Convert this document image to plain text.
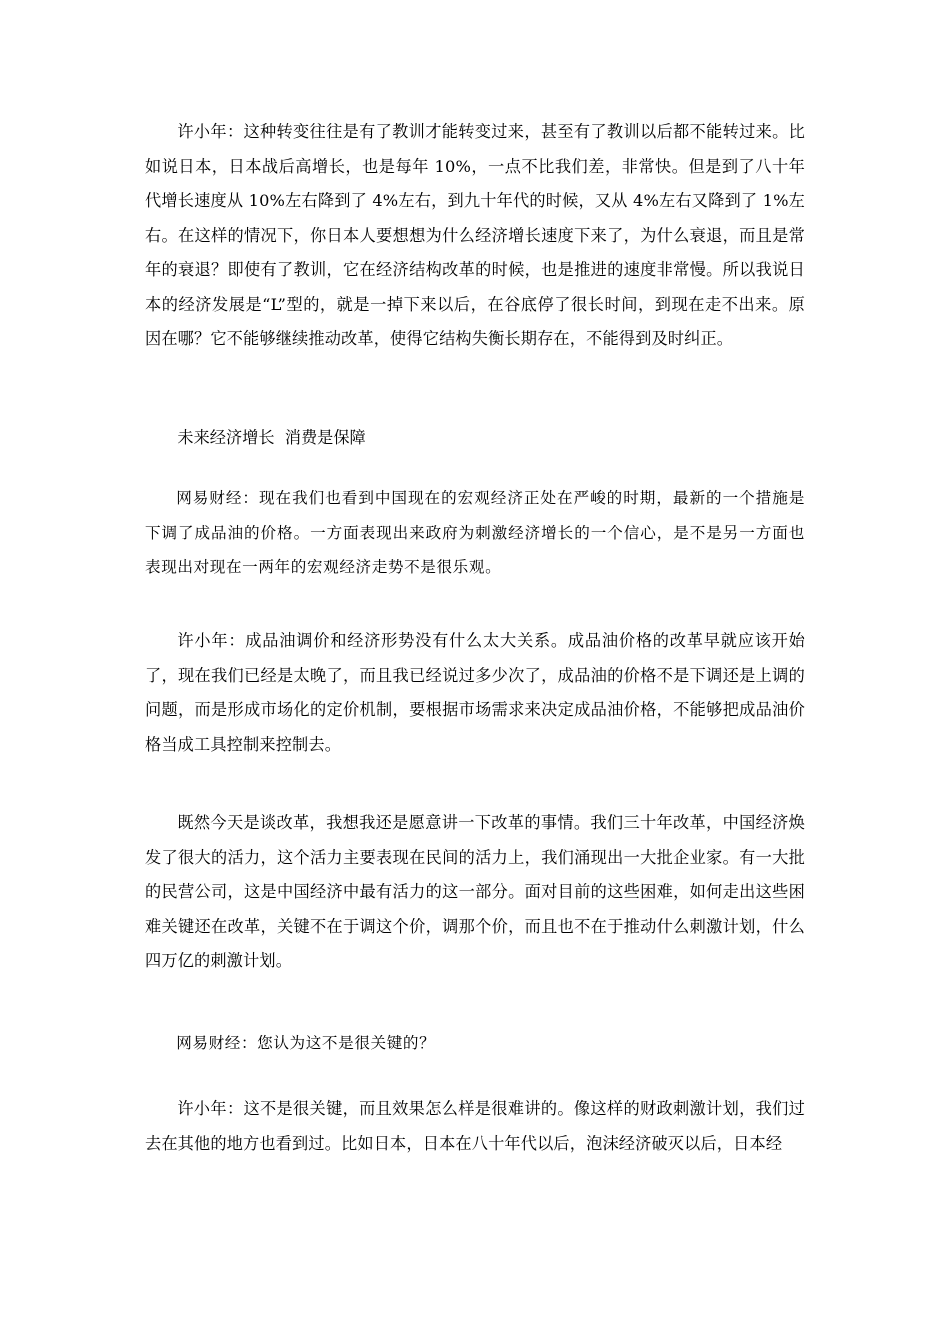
许小年：这种转变往往是有了教训才能转变过来，甚至有了教训以后都不能转过来。比如说日本，日本战后高增长，也是每年 10%，一点不比我们差，非常快。但是到了八十年代增长速度从 10%左右降到了 4%左右，到九十年代的时候，又从 4%左右又降到了 1%左右。在这样的情况下，你日本人要想想为什么经济增长速度下来了，为什么衰退，而且是常年的衰退？即使有了教训，它在经济结构改革的时候，也是推进的速度非常慢。所以我说日本的经济发展是“L”型的，就是一掉下来以后，在谷底停了很长时间，到现在走不出来。原因在哪？它不能够继续推动改革，使得它结构失衡长期存在，不能得到及时纠正。

未来经济增长  消费是保障

网易财经：现在我们也看到中国现在的宏观经济正处在严峻的时期，最新的一个措施是下调了成品油的价格。一方面表现出来政府为刺激经济增长的一个信心，是不是另一方面也表现出对现在一两年的宏观经济走势不是很乐观。

许小年：成品油调价和经济形势没有什么太大关系。成品油价格的改革早就应该开始了，现在我们已经是太晚了，而且我已经说过多少次了，成品油的价格不是下调还是上调的问题，而是形成市场化的定价机制，要根据市场需求来决定成品油价格，不能够把成品油价格当成工具控制来控制去。

既然今天是谈改革，我想我还是愿意讲一下改革的事情。我们三十年改革，中国经济焕发了很大的活力，这个活力主要表现在民间的活力上，我们涌现出一大批企业家。有一大批的民营公司，这是中国经济中最有活力的这一部分。面对目前的这些困难，如何走出这些困难关键还在改革，关键不在于调这个价，调那个价，而且也不在于推动什么刺激计划，什么四万亿的刺激计划。

网易财经：您认为这不是很关键的？

许小年：这不是很关键，而且效果怎么样是很难讲的。像这样的财政刺激计划，我们过去在其他的地方也看到过。比如日本，日本在八十年代以后，泡沫经济破灭以后，日本经
